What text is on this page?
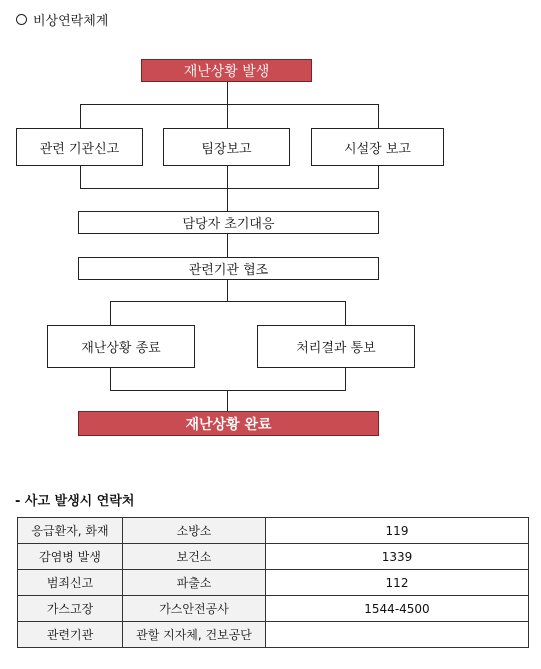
비상연락체계
재난상황 발생
관련 기관신고	팀장보고	시설장 보고
담당자 초기대응
관련기관 협조
재난상황 종료	처리결과 통보
재난상황 완료
- 사고 발생시 연락처
응급환자, 화재	소방소	119
감염병 발생	보건소	1339
범죄신고	파출소	112
가스고장	가스안전공사	1544-4500
관련기관	관할 지자체, 건보공단	
